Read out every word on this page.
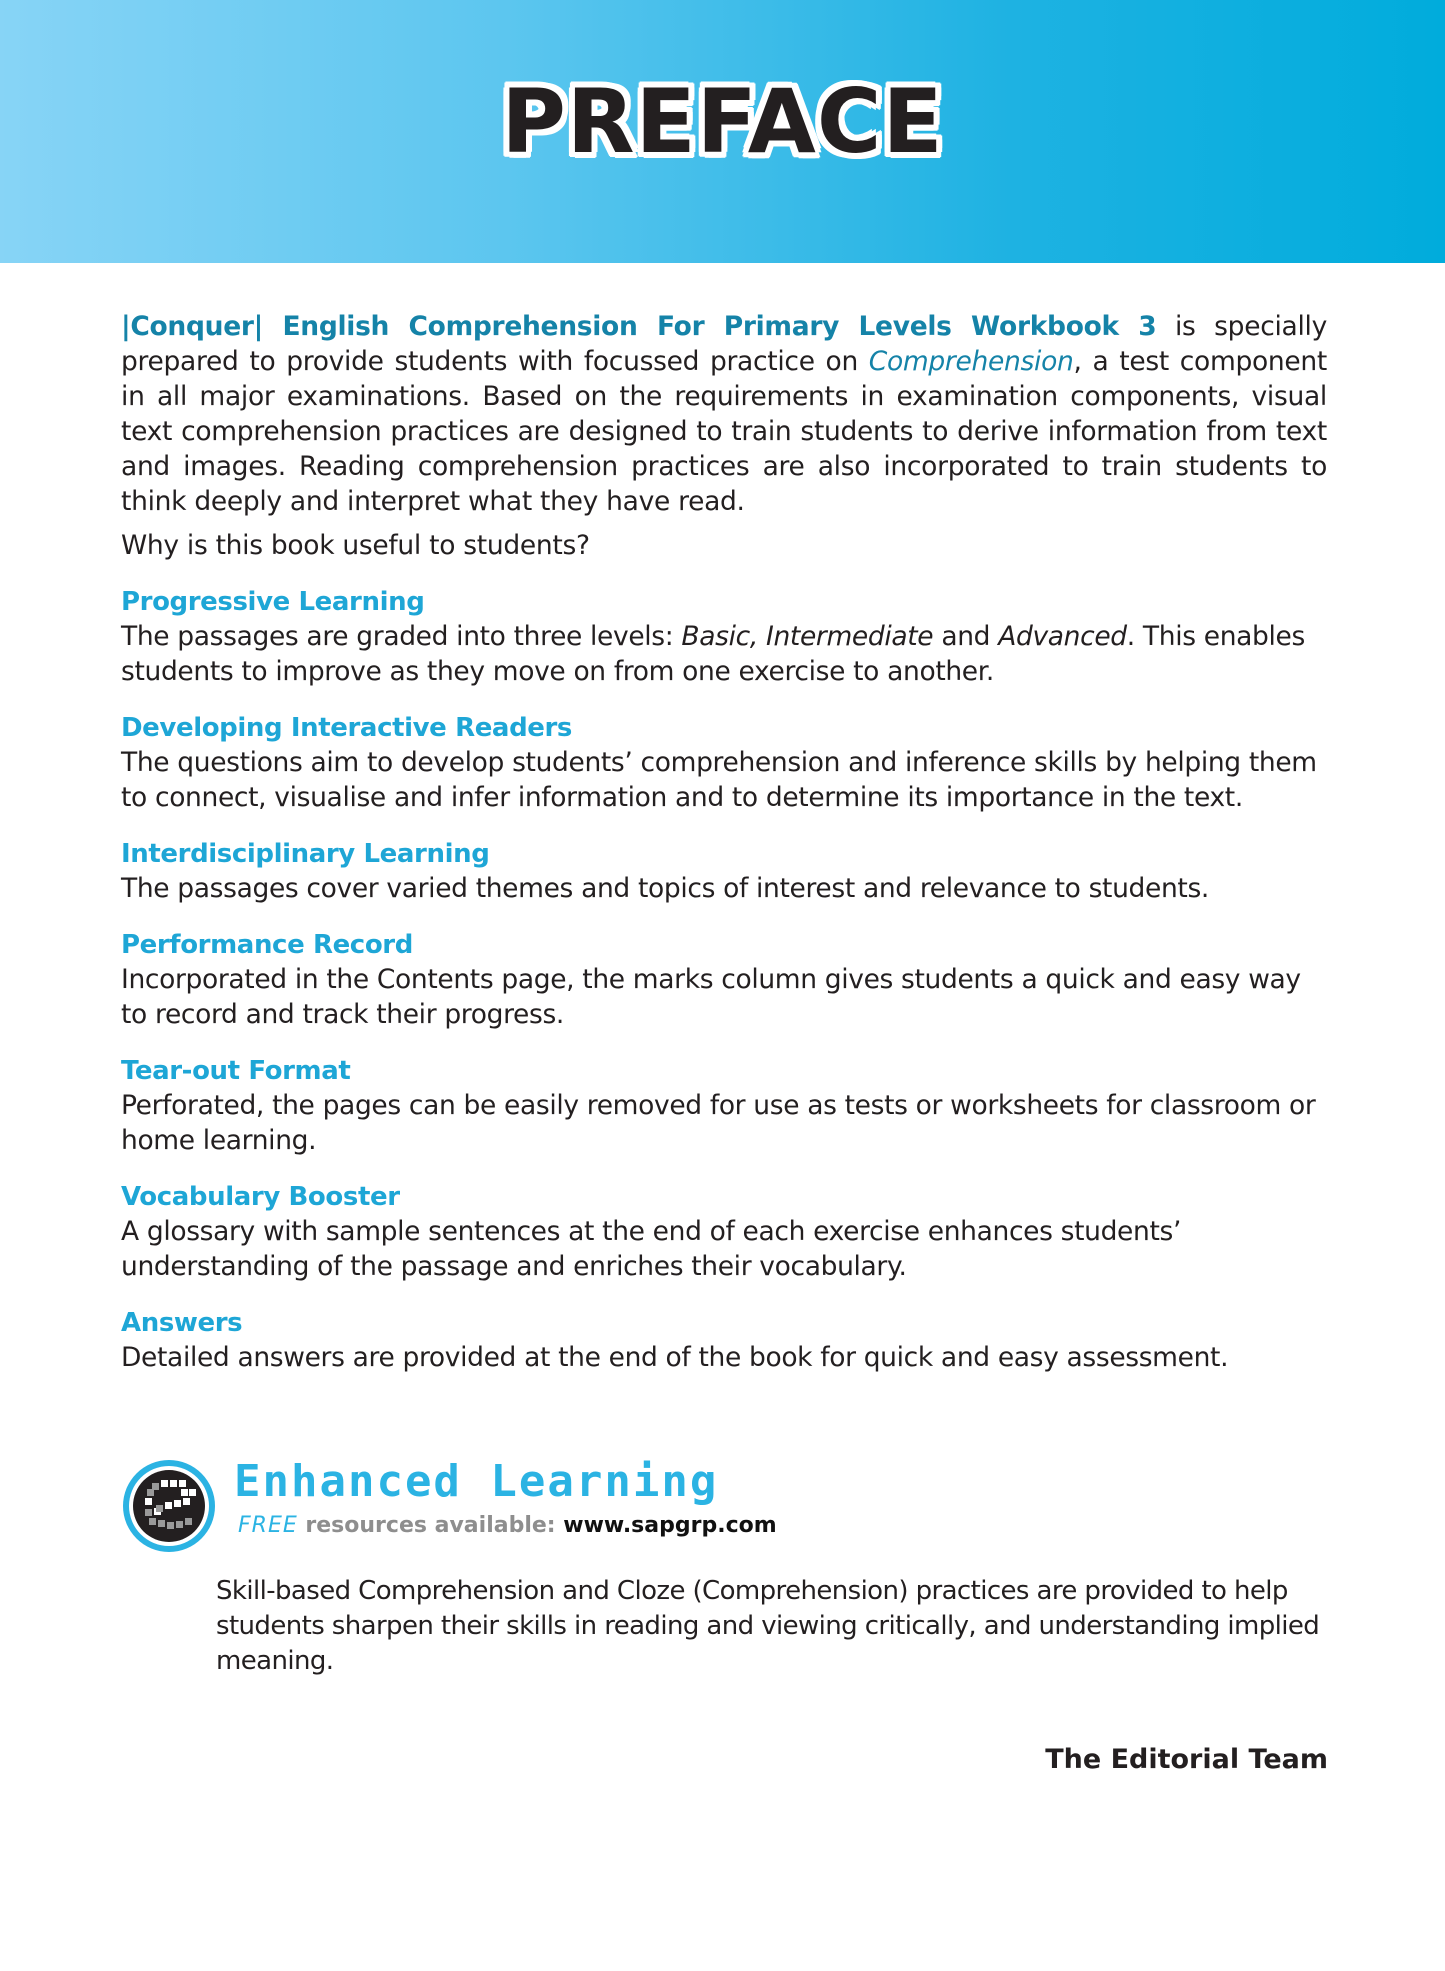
PREFACE

|Conquer| English Comprehension For Primary Levels Workbook 3 is specially prepared to provide students with focussed practice on Comprehension, a test component in all major examinations. Based on the requirements in examination components, visual text comprehension practices are designed to train students to derive information from text and images. Reading comprehension practices are also incorporated to train students to think deeply and interpret what they have read.

Why is this book useful to students?

Progressive Learning
The passages are graded into three levels: Basic, Intermediate and Advanced. This enables students to improve as they move on from one exercise to another.
Developing Interactive Readers
The questions aim to develop students’ comprehension and inference skills by helping them to connect, visualise and infer information and to determine its importance in the text.
Interdisciplinary Learning
The passages cover varied themes and topics of interest and relevance to students.
Performance Record
Incorporated in the Contents page, the marks column gives students a quick and easy way to record and track their progress.
Tear-out Format
Perforated, the pages can be easily removed for use as tests or worksheets for classroom or home learning.
Vocabulary Booster
A glossary with sample sentences at the end of each exercise enhances students’ understanding of the passage and enriches their vocabulary.
Answers
Detailed answers are provided at the end of the book for quick and easy assessment.
Enhanced Learning
FREE resources available: www.sapgrp.com

Skill-based Comprehension and Cloze (Comprehension) practices are provided to help students sharpen their skills in reading and viewing critically, and understanding implied meaning.

The Editorial Team
